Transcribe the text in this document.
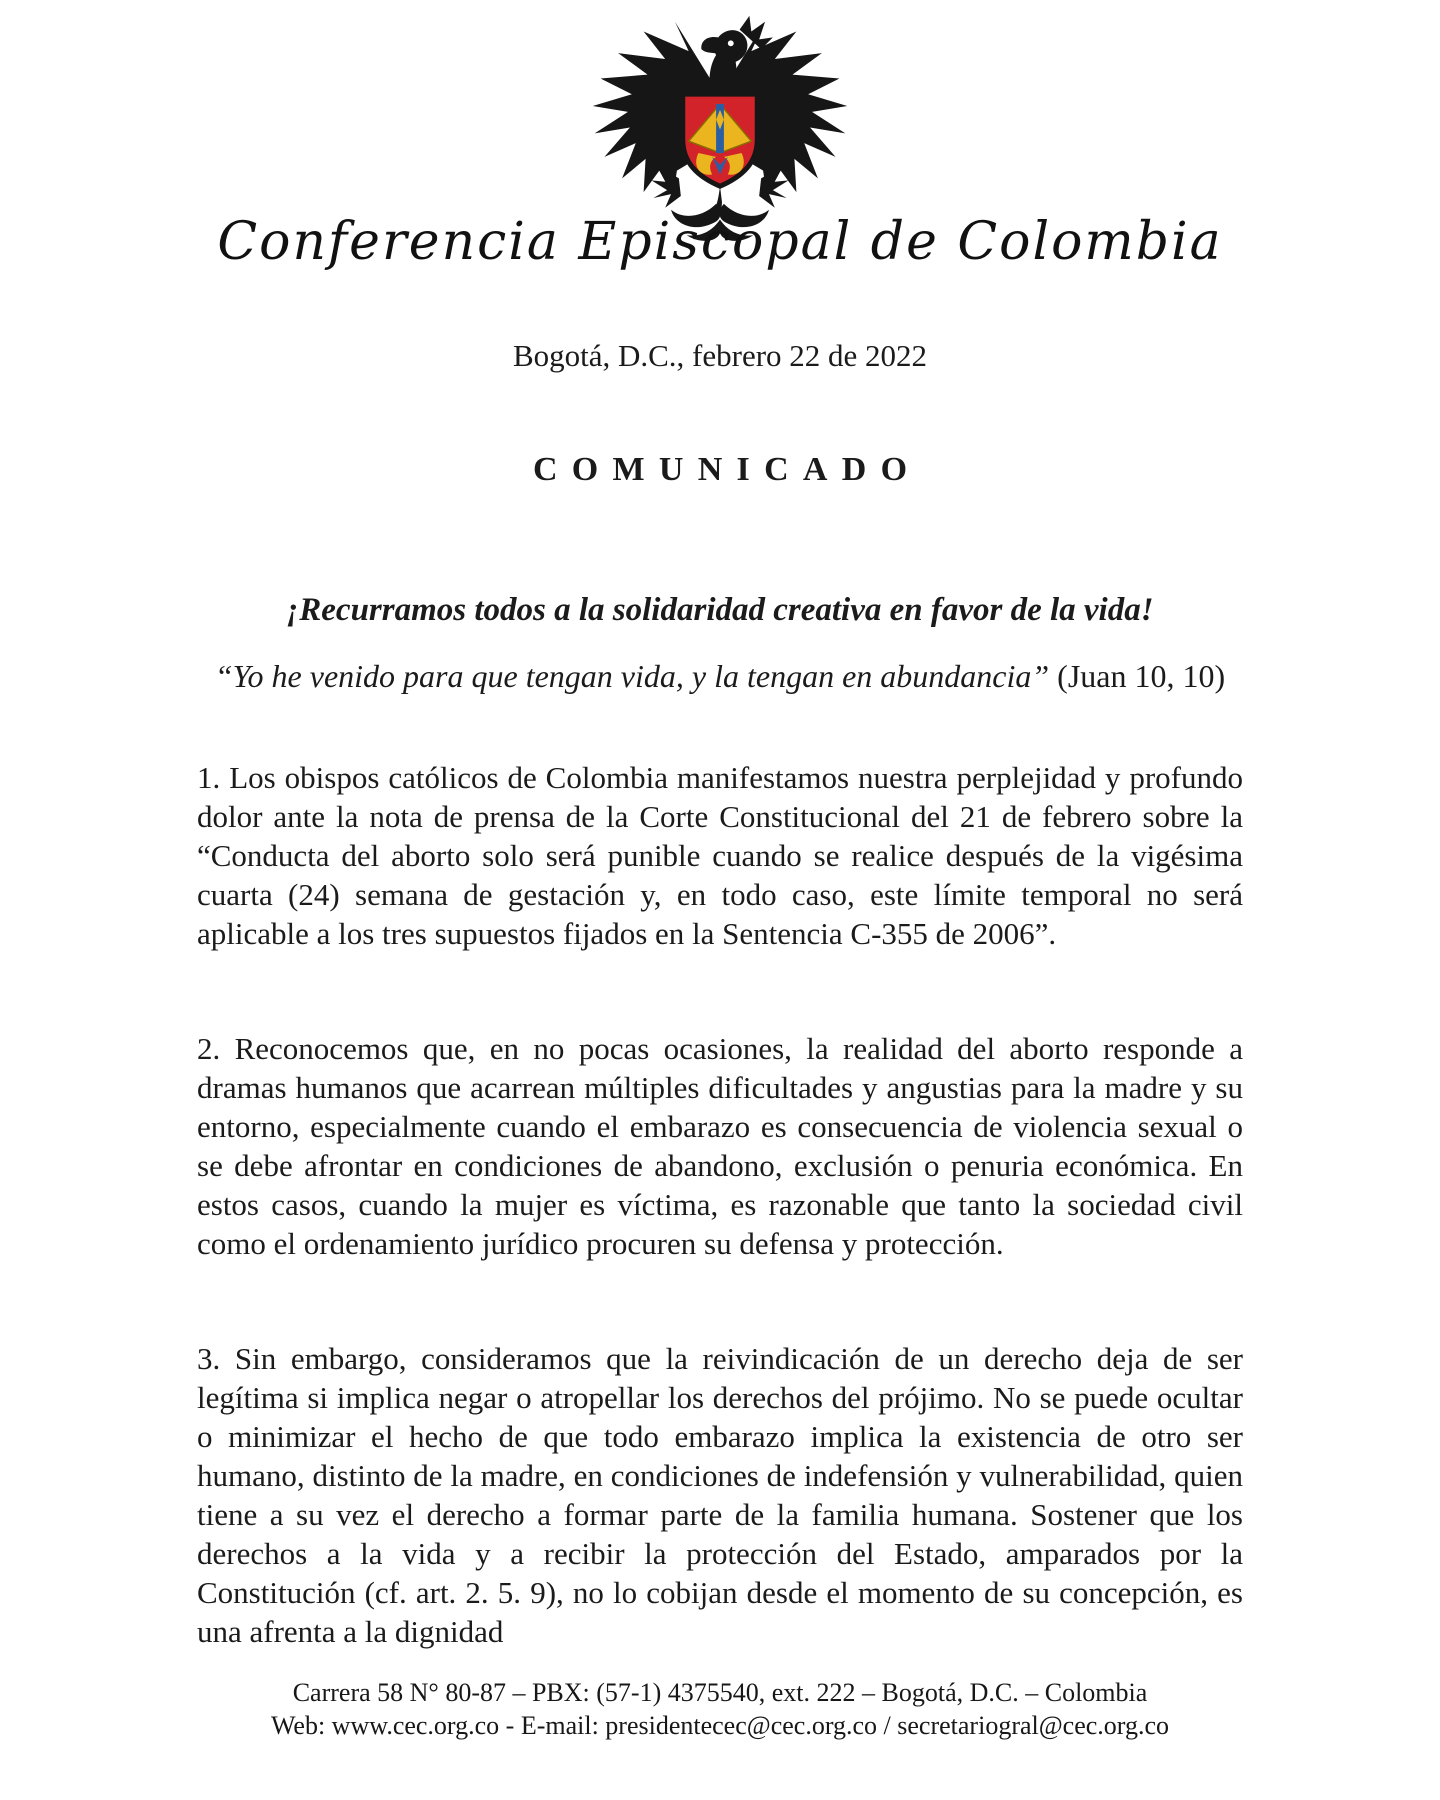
Conferencia Episcopal de Colombia
Bogotá, D.C., febrero 22 de 2022
COMUNICADO
¡Recurramos todos a la solidaridad creativa en favor de la vida!

“Yo he venido para que tengan vida, y la tengan en abundancia” (Juan 10, 10)

1. Los obispos católicos de Colombia manifestamos nuestra perplejidad y profundo dolor ante la nota de prensa de la Corte Constitucional del 21 de febrero sobre la “Conducta del aborto solo será punible cuando se realice después de la vigésima cuarta (24) semana de gestación y, en todo caso, este límite temporal no será aplicable a los tres supuestos fijados en la Sentencia C-355 de 2006”.

2. Reconocemos que, en no pocas ocasiones, la realidad del aborto responde a dramas humanos que acarrean múltiples dificultades y angustias para la madre y su entorno, especialmente cuando el embarazo es consecuencia de violencia sexual o se debe afrontar en condiciones de abandono, exclusión o penuria económica. En estos casos, cuando la mujer es víctima, es razonable que tanto la sociedad civil como el ordenamiento jurídico procuren su defensa y protección.

3. Sin embargo, consideramos que la reivindicación de un derecho deja de ser legítima si implica negar o atropellar los derechos del prójimo. No se puede ocultar o minimizar el hecho de que todo embarazo implica la existencia de otro ser humano, distinto de la madre, en condiciones de indefensión y vulnerabilidad, quien tiene a su vez el derecho a formar parte de la familia humana. Sostener que los derechos a la vida y a recibir la protección del Estado, amparados por la Constitución (cf. art. 2. 5. 9), no lo cobijan desde el momento de su concepción, es una afrenta a la dignidad

Carrera 58 N° 80-87 – PBX: (57-1) 4375540, ext. 222 – Bogotá, D.C. – Colombia
Web: www.cec.org.co - E-mail: presidentecec@cec.org.co / secretariogral@cec.org.co
